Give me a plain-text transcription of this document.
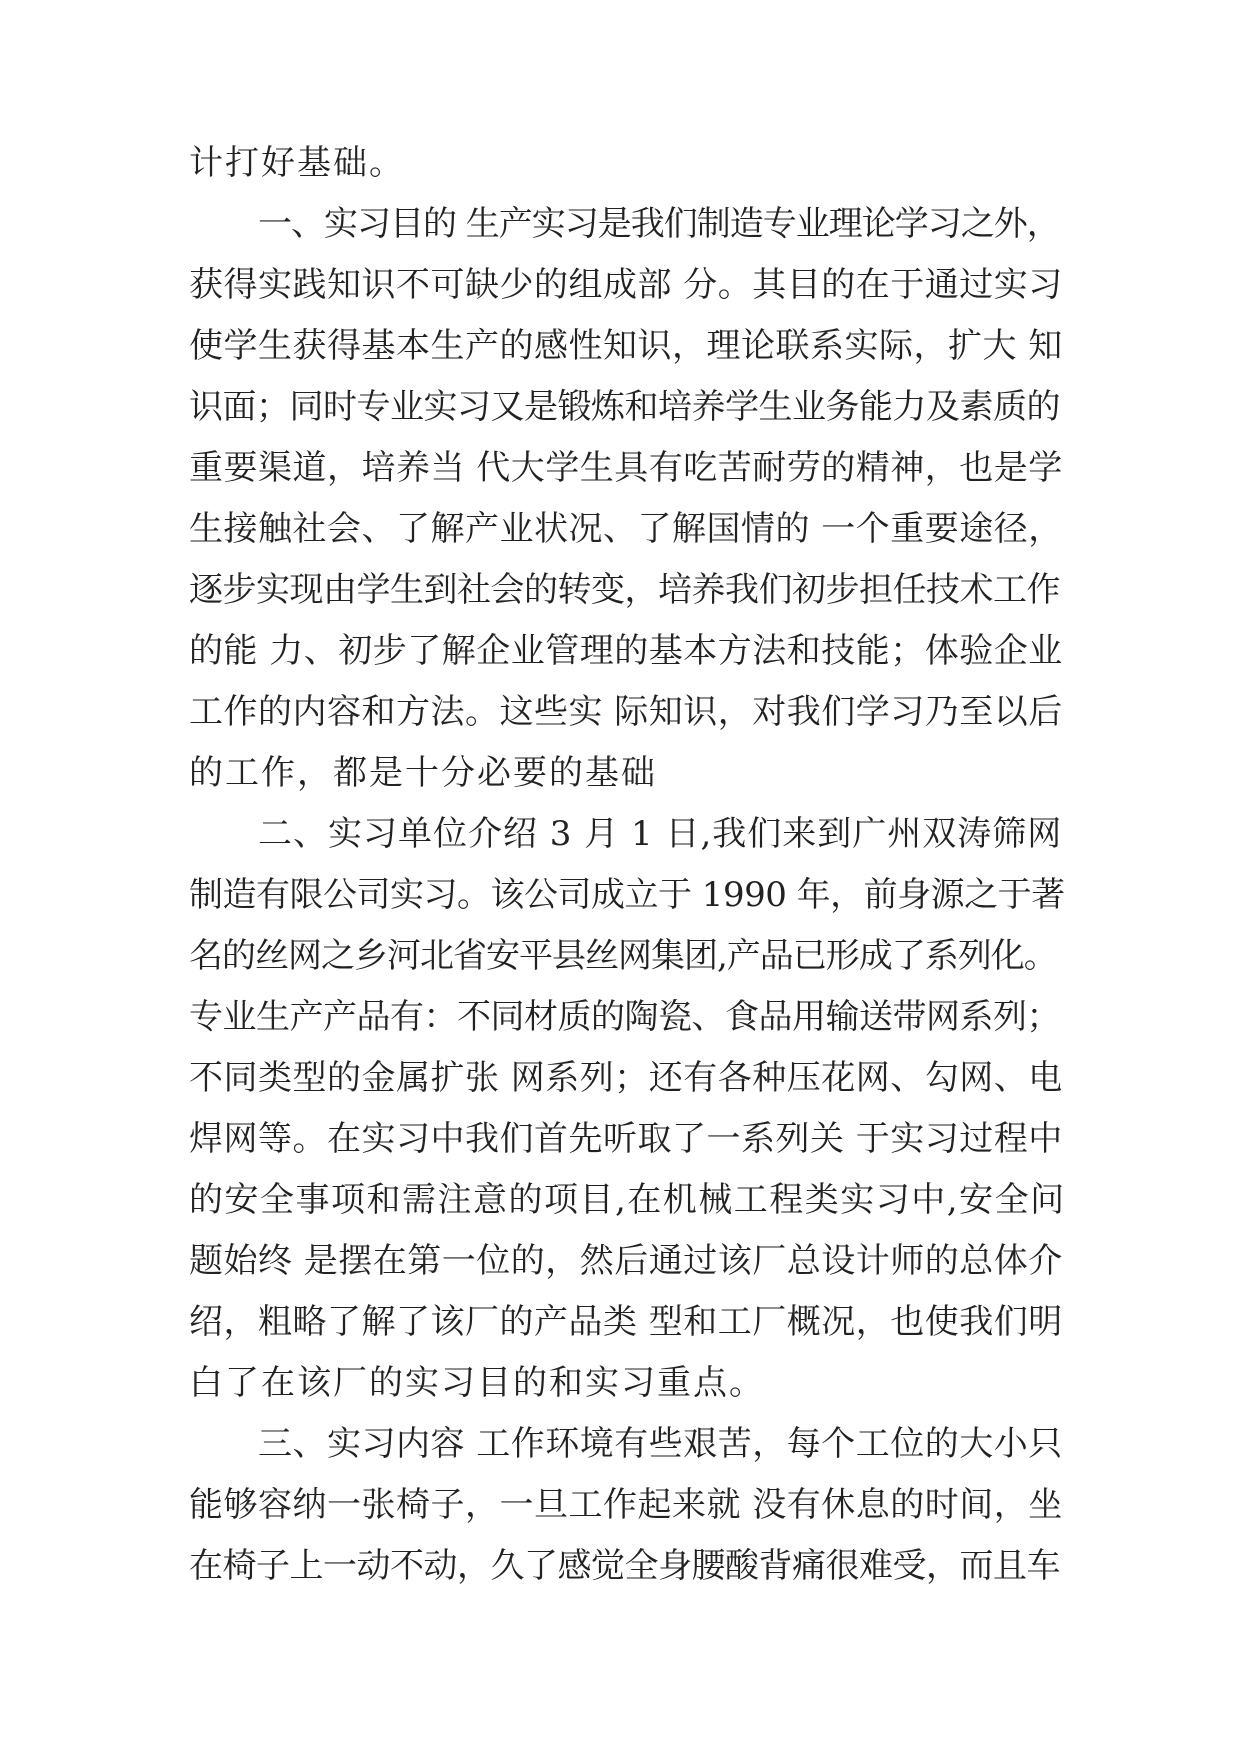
计打好基础。
一、实习目的 生产实习是我们制造专业理论学习之外，
获得实践知识不可缺少的组成部 分。其目的在于通过实习
使学生获得基本生产的感性知识，理论联系实际，扩大 知
识面；同时专业实习又是锻炼和培养学生业务能力及素质的
重要渠道，培养当 代大学生具有吃苦耐劳的精神，也是学
生接触社会、了解产业状况、了解国情的 一个重要途径，
逐步实现由学生到社会的转变，培养我们初步担任技术工作
的能 力、初步了解企业管理的基本方法和技能；体验企业
工作的内容和方法。这些实 际知识，对我们学习乃至以后
的工作，都是十分必要的基础
二、实习单位介绍 3 月 1 日,我们来到广州双涛筛网
制造有限公司实习。该公司成立于 1990 年，前身源之于著
名的丝网之乡河北省安平县丝网集团,产品已形成了系列化。
专业生产产品有：不同材质的陶瓷、食品用输送带网系列；
不同类型的金属扩张 网系列；还有各种压花网、勾网、电
焊网等。在实习中我们首先听取了一系列关 于实习过程中
的安全事项和需注意的项目,在机械工程类实习中,安全问
题始终 是摆在第一位的，然后通过该厂总设计师的总体介
绍，粗略了解了该厂的产品类 型和工厂概况，也使我们明
白了在该厂的实习目的和实习重点。
三、实习内容 工作环境有些艰苦，每个工位的大小只
能够容纳一张椅子，一旦工作起来就 没有休息的时间，坐
在椅子上一动不动，久了感觉全身腰酸背痛很难受，而且车
